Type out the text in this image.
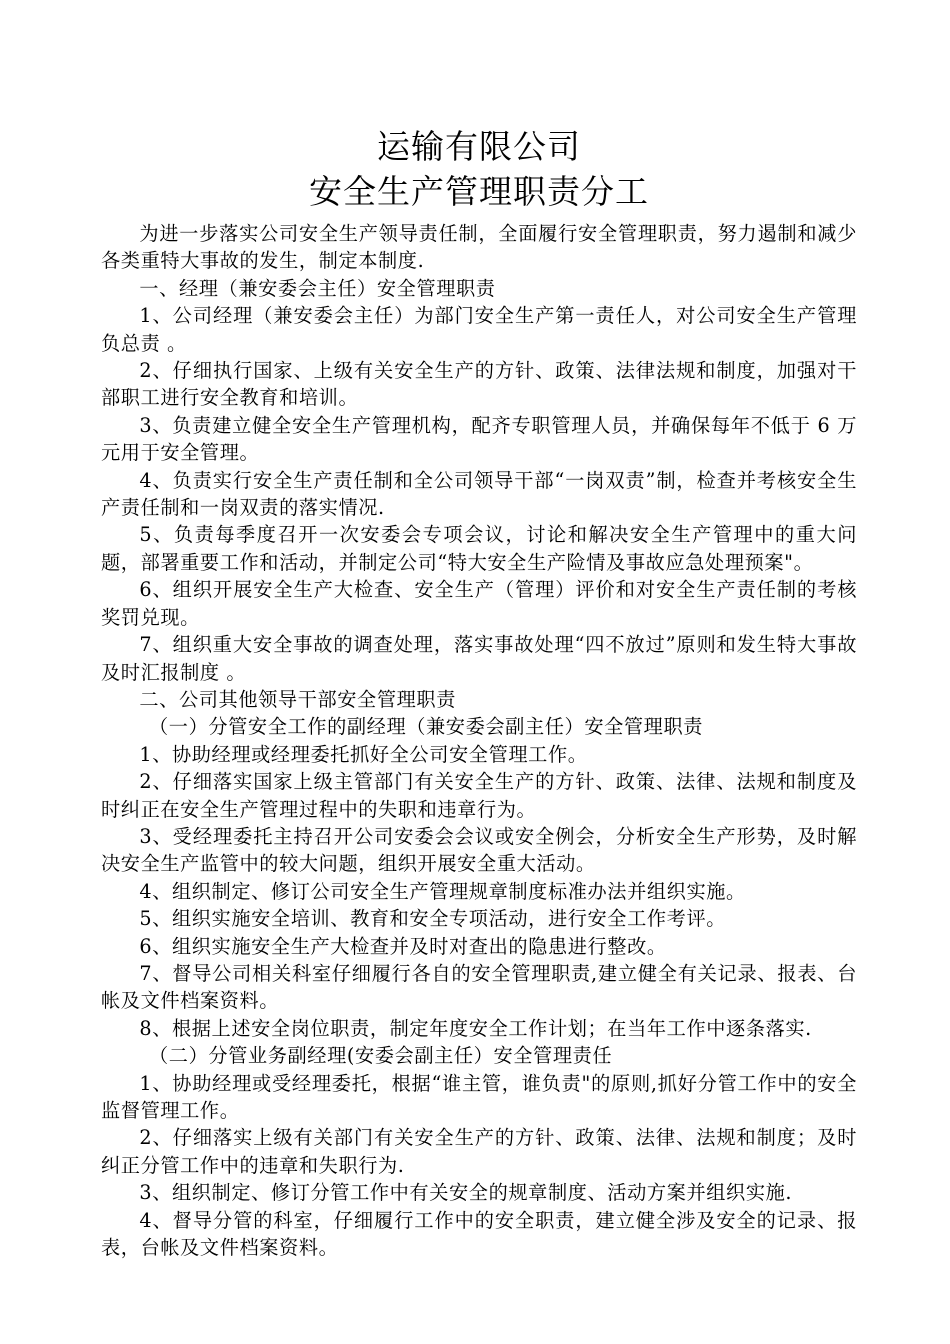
运输有限公司
安全生产管理职责分工

为进一步落实公司安全生产领导责任制，全面履行安全管理职责，努力遏制和减少各类重特大事故的发生，制定本制度.

一、经理（兼安委会主任）安全管理职责

1、公司经理（兼安委会主任）为部门安全生产第一责任人，对公司安全生产管理负总责 。

2、仔细执行国家、上级有关安全生产的方针、政策、法律法规和制度，加强对干部职工进行安全教育和培训。

3、负责建立健全安全生产管理机构，配齐专职管理人员，并确保每年不低于 6 万元用于安全管理。

4、负责实行安全生产责任制和全公司领导干部“一岗双责”制，检查并考核安全生产责任制和一岗双责的落实情况.

5、负责每季度召开一次安委会专项会议，讨论和解决安全生产管理中的重大问题，部署重要工作和活动，并制定公司“特大安全生产险情及事故应急处理预案"。

6、组织开展安全生产大检查、安全生产（管理）评价和对安全生产责任制的考核奖罚兑现。

7、组织重大安全事故的调查处理，落实事故处理“四不放过”原则和发生特大事故及时汇报制度 。

二、公司其他领导干部安全管理职责

（一）分管安全工作的副经理（兼安委会副主任）安全管理职责

1、协助经理或经理委托抓好全公司安全管理工作。

2、仔细落实国家上级主管部门有关安全生产的方针、政策、法律、法规和制度及时纠正在安全生产管理过程中的失职和违章行为。

3、受经理委托主持召开公司安委会会议或安全例会，分析安全生产形势，及时解决安全生产监管中的较大问题，组织开展安全重大活动。

4、组织制定、修订公司安全生产管理规章制度标准办法并组织实施。

5、组织实施安全培训、教育和安全专项活动，进行安全工作考评。

6、组织实施安全生产大检查并及时对查出的隐患进行整改。

7、督导公司相关科室仔细履行各自的安全管理职责,建立健全有关记录、报表、台帐及文件档案资料。

8、根据上述安全岗位职责，制定年度安全工作计划；在当年工作中逐条落实.

（二）分管业务副经理(安委会副主任）安全管理责任

1、协助经理或受经理委托，根据“谁主管，谁负责"的原则,抓好分管工作中的安全监督管理工作。

2、仔细落实上级有关部门有关安全生产的方针、政策、法律、法规和制度；及时纠正分管工作中的违章和失职行为.

3、组织制定、修订分管工作中有关安全的规章制度、活动方案并组织实施.

4、督导分管的科室，仔细履行工作中的安全职责，建立健全涉及安全的记录、报表，台帐及文件档案资料。
